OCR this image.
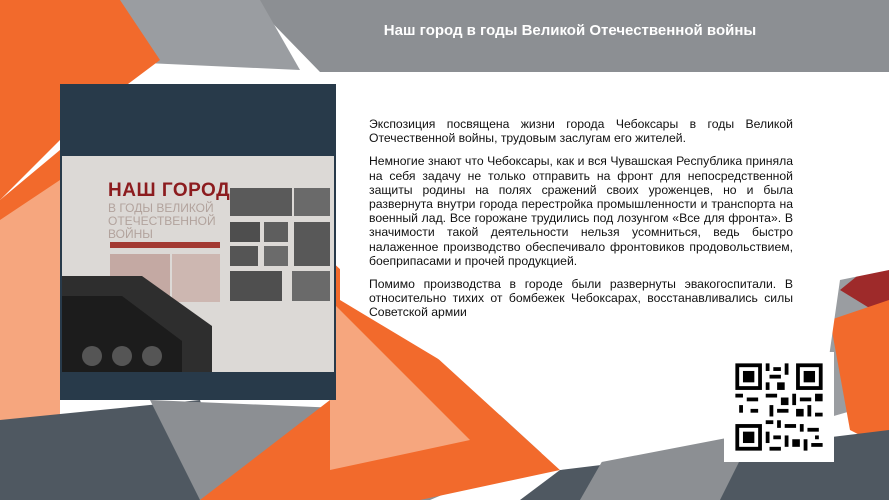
Наш город в годы Великой Отечественной войны
НАШ ГОРОД
В ГОДЫ ВЕЛИКОЙ ОТЕЧЕСТВЕННОЙ ВОЙНЫ

Экспозиция посвящена жизни города Чебоксары в годы Великой Отечественной войны, трудовым заслугам его жителей.

Немногие знают что Чебоксары, как и вся Чувашская Республика приняла на себя задачу не только отправить на фронт для непосредственной защиты родины на полях сражений своих уроженцев, но и была развернута внутри города перестройка промышленности и транспорта на военный лад. Все горожане трудились под лозунгом «Все для фронта». В значимости такой деятельности нельзя усомниться, ведь быстро налаженное производство обеспечивало фронтовиков продовольствием, боеприпасами и прочей продукцией.

Помимо производства в городе были развернуты эвакогоспитали. В относительно тихих от бомбежек Чебоксарах, восстанавливались силы Советской армии
